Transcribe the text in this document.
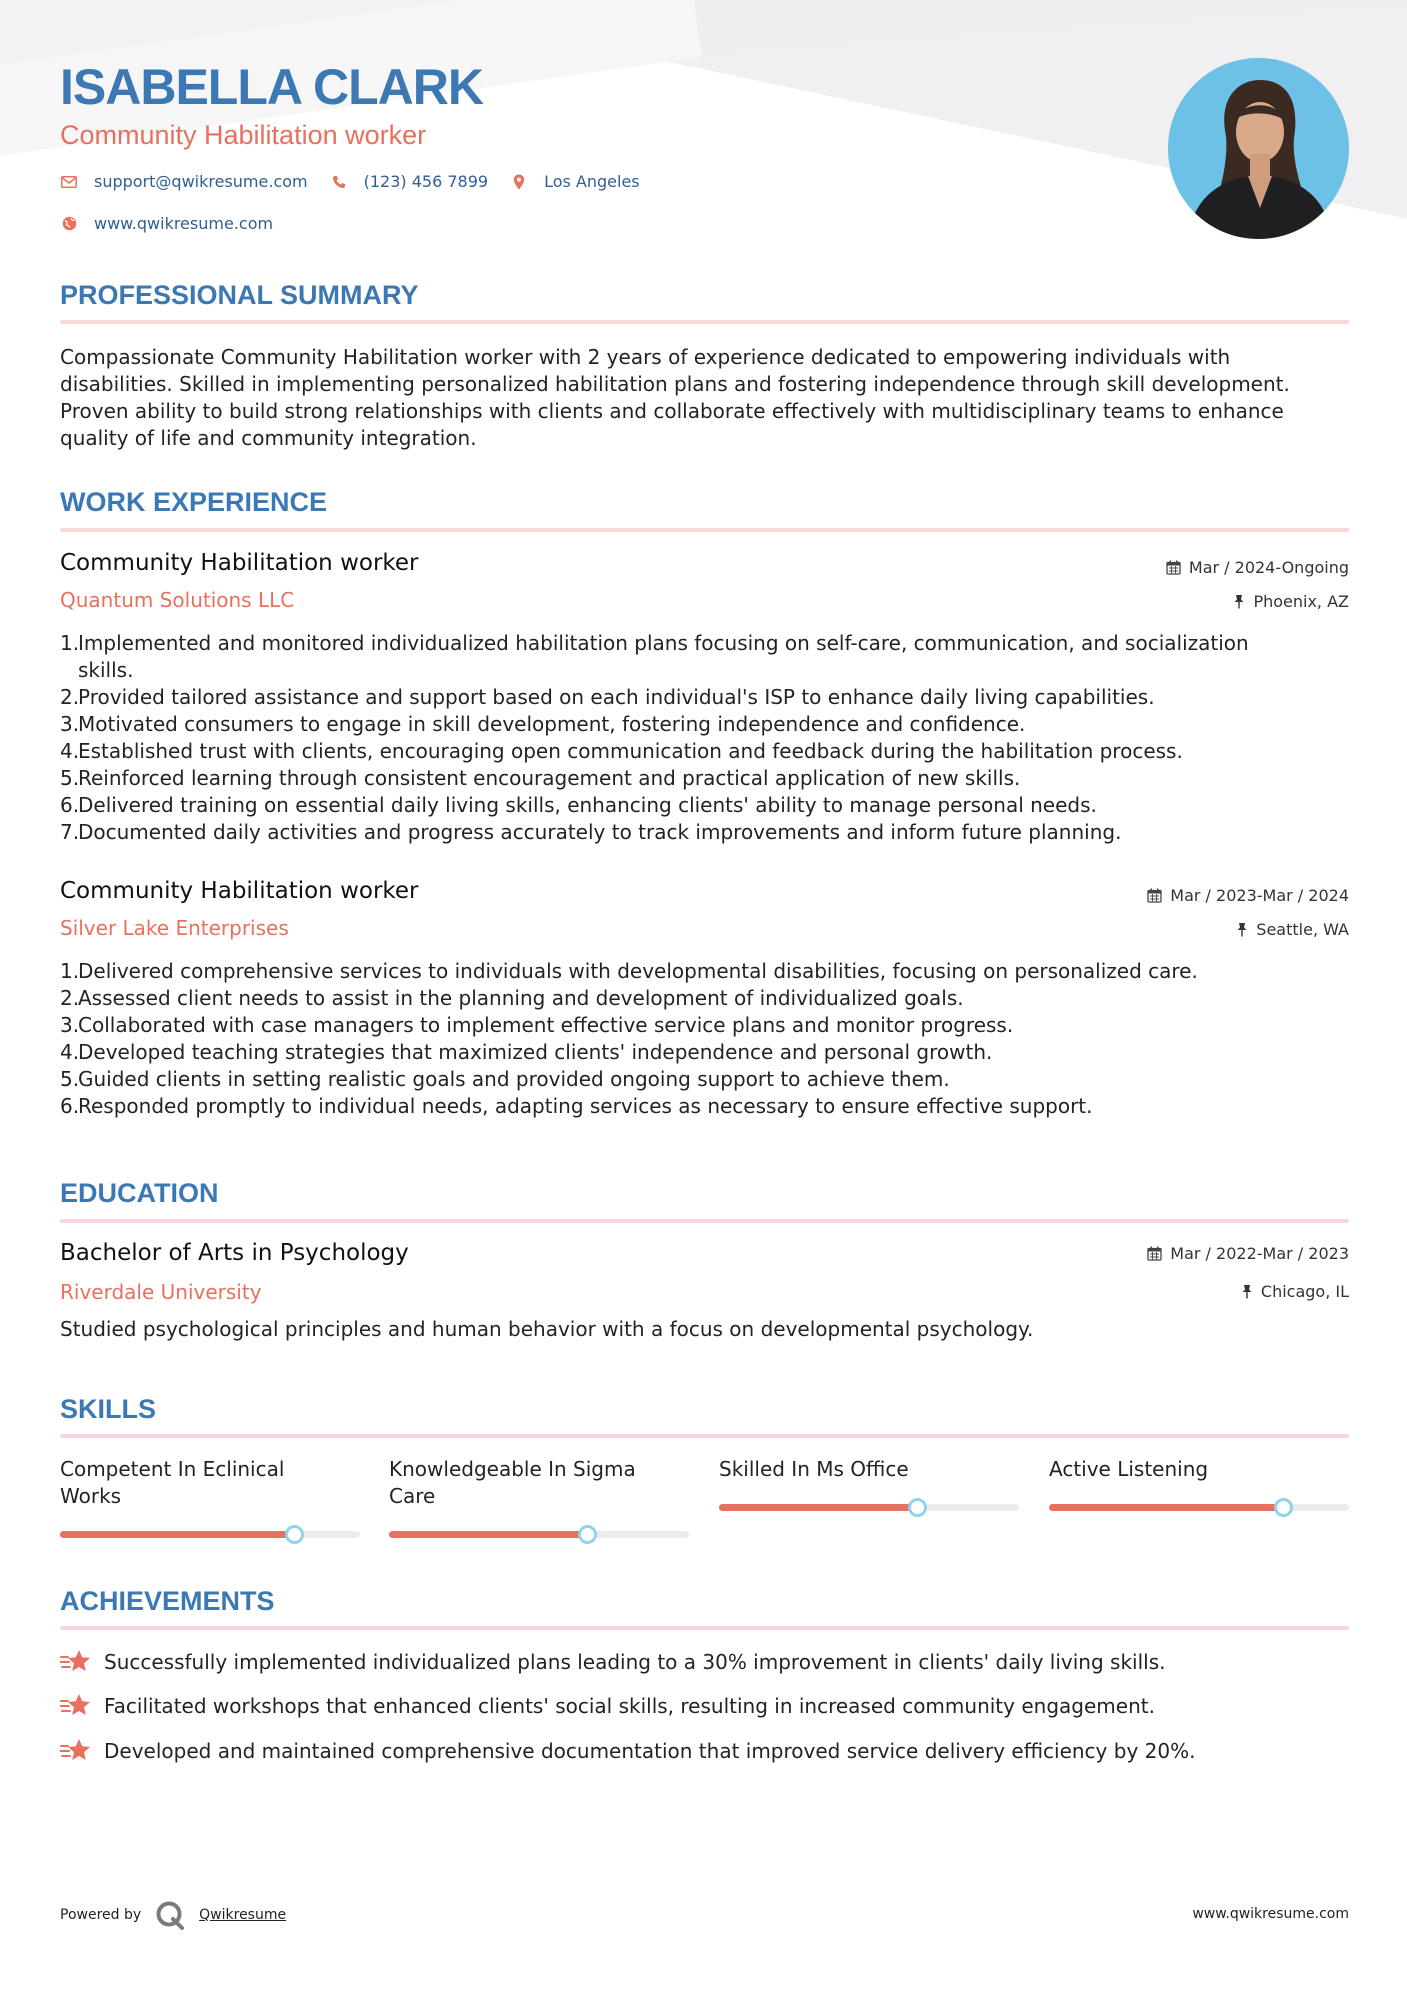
ISABELLA CLARK
Community Habilitation worker
support@qwikresume.com	(123) 456 7899	Los Angeles
www.qwikresume.com
PROFESSIONAL SUMMARY
Compassionate Community Habilitation worker with 2 years of experience dedicated to empowering individuals with
disabilities. Skilled in implementing personalized habilitation plans and fostering independence through skill development.
Proven ability to build strong relationships with clients and collaborate effectively with multidisciplinary teams to enhance
quality of life and community integration.
WORK EXPERIENCE
Community Habilitation worker	Mar / 2024-Ongoing
Quantum Solutions LLC	Phoenix, AZ
1.
Implemented and monitored individualized habilitation plans focusing on self-care, communication, and socialization
skills.
2.
Provided tailored assistance and support based on each individual's ISP to enhance daily living capabilities.
3.
Motivated consumers to engage in skill development, fostering independence and confidence.
4.
Established trust with clients, encouraging open communication and feedback during the habilitation process.
5.
Reinforced learning through consistent encouragement and practical application of new skills.
6.
Delivered training on essential daily living skills, enhancing clients' ability to manage personal needs.
7.
Documented daily activities and progress accurately to track improvements and inform future planning.
Community Habilitation worker	Mar / 2023-Mar / 2024
Silver Lake Enterprises	Seattle, WA
1.
Delivered comprehensive services to individuals with developmental disabilities, focusing on personalized care.
2.
Assessed client needs to assist in the planning and development of individualized goals.
3.
Collaborated with case managers to implement effective service plans and monitor progress.
4.
Developed teaching strategies that maximized clients' independence and personal growth.
5.
Guided clients in setting realistic goals and provided ongoing support to achieve them.
6.
Responded promptly to individual needs, adapting services as necessary to ensure effective support.
EDUCATION
Bachelor of Arts in Psychology	Mar / 2022-Mar / 2023
Riverdale University	Chicago, IL
Studied psychological principles and human behavior with a focus on developmental psychology.
SKILLS
Competent In Eclinical
Works
Knowledgeable In Sigma
Care
Skilled In Ms Office	Active Listening
ACHIEVEMENTS
Successfully implemented individualized plans leading to a 30% improvement in clients' daily living skills.
Facilitated workshops that enhanced clients' social skills, resulting in increased community engagement.
Developed and maintained comprehensive documentation that improved service delivery efficiency by 20%.
Powered by	Qwikresume	www.qwikresume.com
